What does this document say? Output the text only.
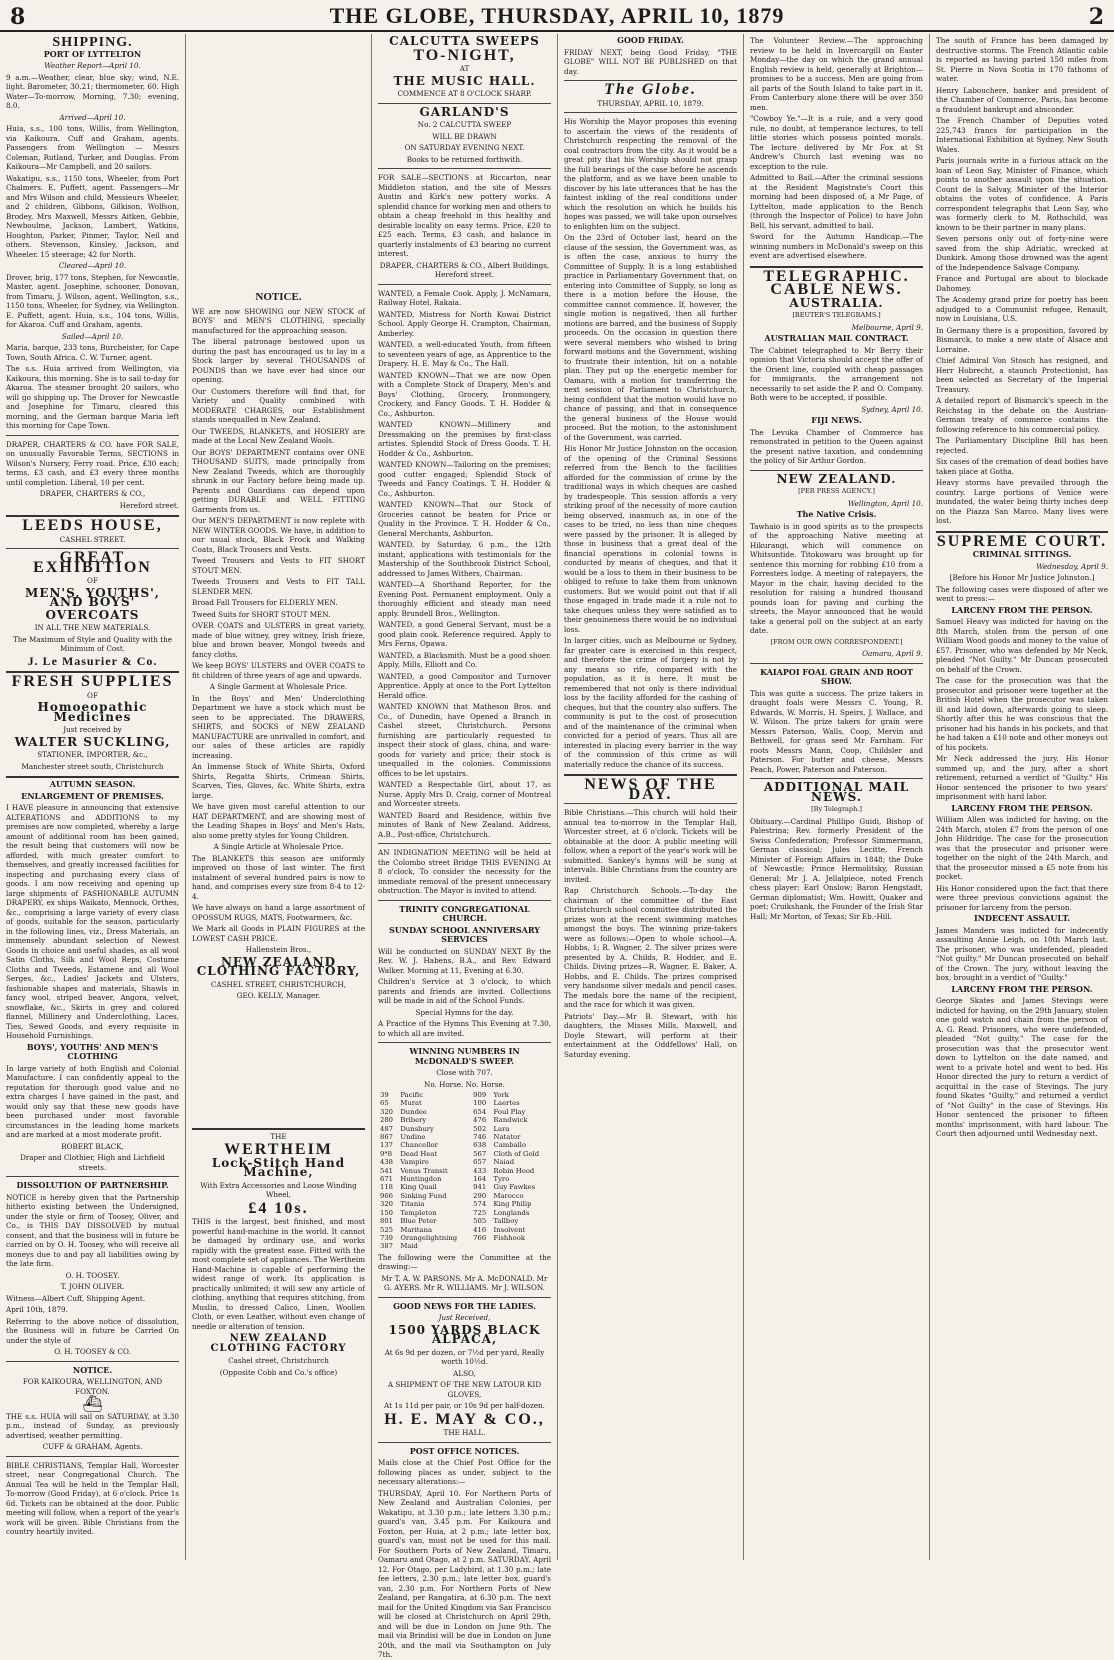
8	THE GLOBE, THURSDAY, APRIL 10, 1879	2
SHIPPING.
PORT OF LYTTELTON

Weather Report—April 10.

9 a.m.—Weather, clear, blue sky; wind, N.E. light. Barometer, 30.21; thermometer, 60. High Water—To-morrow, Morning, 7.30; evening, 8.0.

Arrived—April 10.

Huia, s.s., 100 tons, Willis, from Wellington, via Kaikoura. Cuff and Graham, agents. Passengers from Wellington — Messrs Coleman, Rutland, Turker, and Douglas. From Kaikoura—Mr Campbell, and 20 sailors.

Wakatipu, s.s., 1150 tons, Wheeler, from Port Chalmers. E. Puffett, agent. Passengers—Mr and Mrs Wilson and child, Messieurs Wheeler, and 2 children, Gibbons, Gilkison, Wolfson, Brodey, Mrs Maxwell, Messrs Aitken, Gebbie, Newboulme, Jackson, Lambert, Watkins, Houghton, Parker, Pinmer, Taylor, Neil and others. Stevenson, Kinsley, Jackson, and Wheeler. 15 steerage; 42 for North.

Cleared—April 10.

Drover, brig, 177 tons, Stephen, for Newcastle, Master, agent. Josephine, schooner, Donovan, from Timaru, J. Wilson, agent. Wellington, s.s., 1150 tons, Wheeler, for Sydney, via Wellington. E. Puffett, agent. Huia, s.s., 104 tons, Willis, for Akaroa. Cuff and Graham, agents.

Sailed—April 10.

Maria, barque, 233 tons, Burcheister, for Cape Town, South Africa. C. W. Turner, agent.

The s.s. Huia arrived from Wellington, via Kaikoura, this morning. She is to sail to-day for Akaroa. The steamer brought 20 sailors, who will go shipping up. The Drover for Newcastle and Josephine for Timaru, cleared this morning, and the German barque Maria left this morning for Cape Town.

DRAPER, CHARTERS & CO. have FOR SALE, on unusually Favorable Terms, SECTIONS in Wilson's Nursery, Ferry road. Price, £30 each; terms, £3 cash, and £3 every three months until completion. Liberal, 10 per cent.

DRAPER, CHARTERS & CO.,

Hereford street.

LEEDS HOUSE,

CASHEL STREET.

GREAT EXHIBITION

OF

MEN'S, YOUTHS', AND BOYS'
OVERCOATS

IN ALL THE NEW MATERIALS.

The Maximum of Style and Quality with the Minimum of Cost.

J. Le Masurier & Co.
FRESH SUPPLIES

OF

Homoeopathic Medicines

Just received by

WALTER SUCKLING,

STATIONER, IMPORTER, &c.,

Manchester street south, Christchurch

AUTUMN SEASON.
ENLARGEMENT OF PREMISES.

I HAVE pleasure in announcing that extensive ALTERATIONS and ADDITIONS to my premises are now completed, whereby a large amount of additional room has been gained, the result being that customers will now be afforded, with much greater comfort to themselves, and greatly increased facilities for inspecting and purchasing every class of goods. I am now receiving and opening up large shipments of FASHIONABLE AUTUMN DRAPERY, ex ships Waikato, Mennock, Orthes, &c., comprising a large variety of every class of goods, suitable for the season, particularly in the following lines, viz., Dress Materials, an immensely abundant selection of Newest Goods in choice and useful shades, as all wool Satin Cloths, Silk and Wool Reps, Costume Cloths and Tweeds, Estamene and all Wool Serges, &c., Ladies' Jackets and Ulsters, fashionable shapes and materials, Shawls in fancy wool, striped beaver, Angora, velvet, snowflake, &c., Skirts in grey and colored flannel, Millinery and Underclothing, Laces, Ties, Sewed Goods, and every requisite in Household Furnishings.

BOYS', YOUTHS' AND MEN'S CLOTHING

In large variety of both English and Colonial Manufacture. I can confidently appeal to the reputation for thorough good value and no extra charges I have gained in the past, and would only say that these new goods have been purchased under most favorable circumstances in the leading home markets and are marked at a most moderate profit.

ROBERT BLACK,

Draper and Clothier, High and Lichfield streets.

DISSOLUTION OF PARTNERSHIP.

NOTICE is hereby given that the Partnership hitherto existing between the Undersigned, under the style or firm of Toosey, Oliver, and Co., is THIS DAY DISSOLVED by mutual consent, and that the business will in future be carried on by O. H. Toosey, who will receive all moneys due to and pay all liabilities owing by the late firm.

O. H. TOOSEY.

T. JOHN OLIVER.

Witness—Albert Cuff, Shipping Agent.

April 10th, 1879.

Referring to the above notice of dissolution, the Business will in future be Carried On under the style of

O. H. TOOSEY & CO.

NOTICE.

FOR KAIKOURA, WELLINGTON, AND FOXTON.

⛴

THE s.s. HUIA will sail on SATURDAY, at 3.30 p.m., instead of Sunday, as previously advertised, weather permitting.

CUFF & GRAHAM, Agents.

BIBLE CHRISTIANS, Templar Hall, Worcester street, near Congregational Church. The Annual Tea will be held in the Templar Hall, To-morrow (Good Friday), at 6 o'clock. Price 1s 6d. Tickets can be obtained at the door. Public meeting will follow, when a report of the year's work will be given. Bible Christians from the country heartily invited.

NOTICE.

WE are now SHOWING our NEW STOCK of BOYS' and MEN'S CLOTHING, specially manufactured for the approaching season.

The liberal patronage bestowed upon us during the past has encouraged us to lay in a Stock larger by several THOUSANDS of POUNDS than we have ever had since our opening.

Our Customers therefore will find that, for Variety and Quality combined with MODERATE CHARGES, our Establishment stands unequalled in New Zealand.

Our TWEEDS, BLANKETS, and HOSIERY are made at the Local New Zealand Wools.

Our BOYS' DEPARTMENT contains over ONE THOUSAND SUITS, made principally from New Zealand Tweeds, which are thoroughly shrunk in our Factory before being made up. Parents and Guardians can depend upon getting DURABLE and WELL FITTING Garments from us.

Our MEN'S DEPARTMENT is now replete with NEW WINTER GOODS. We have, in addition to our usual stock, Black Frock and Walking Coats, Black Trousers and Vests.

Tweed Trousers and Vests to FIT SHORT STOUT MEN.

Tweeds Trousers and Vests to FIT TALL SLENDER MEN.

Broad Fall Trousers for ELDERLY MEN.

Tweed Suits for SHORT STOUT MEN.

OVER COATS and ULSTERS in great variety, made of blue witney, grey witney, Irish frieze, blue and brown beaver, Mongol tweeds and fancy cloths.

We keep BOYS' ULSTERS and OVER COATS to fit children of three years of age and upwards.

A Single Garment at Wholesale Price.

In the Boys' and Men' Underclothing Department we have a stock which must be seen to be appreciated. The DRAWERS, SHIRTS, and SOCKS of NEW ZEALAND MANUFACTURE are unrivalled in comfort, and our sales of these articles are rapidly increasing.

An Immense Stock of White Shirts, Oxford Shirts, Regatta Shirts, Crimean Shirts, Scarves, Ties, Gloves, &c. White Shirts, extra large.

We have given most careful attention to our HAT DEPARTMENT, and are showing most of the Leading Shapes in Boys' and Men's Hats, also some pretty styles for Young Children.

A Single Article at Wholesale Price.

The BLANKETS this season are uniformly improved on those of last winter. The first instalment of several hundred pairs is now to hand, and comprises every size from 8-4 to 12-4.

We have always on hand a large assortment of OPOSSUM RUGS, MATS, Footwarmers, &c.

We Mark all Goods in PLAIN FIGURES at the LOWEST CASH PRICE.

Hallenstein Bros.,

NEW ZEALAND CLOTHING FACTORY,

CASHEL STREET, CHRISTCHURCH,

GEO. KELLY, Manager.

THE

WERTHEIM
Lock-Stitch Hand Machine,

With Extra Accessories and Loose Winding Wheel,

£4 10s.

THIS is the largest, best finished, and most powerful hand-machine in the world. It cannot be damaged by ordinary use, and works rapidly with the greatest ease. Fitted with the most complete set of appliances. The Wertheim Hand-Machine is capable of performing the widest range of work. Its application is practically unlimited; it will sew any article of clothing, anything that requires stitching, from Muslin, to dressed Calico, Linen, Woollen Cloth, or even Leather, without even change of needle or alteration of tension.

NEW ZEALAND CLOTHING FACTORY

Cashel street, Christchurch

(Opposite Cobb and Co.'s office)

CALCUTTA SWEEPS
TO-NIGHT,

AT

THE MUSIC HALL.

COMMENCE AT 8 O'CLOCK SHARP.

GARLAND'S

No. 2 CALCUTTA SWEEP

WILL BE DRAWN

ON SATURDAY EVENING NEXT.

Books to be returned forthwith.

FOR SALE—SECTIONS at Riccarton, near Middleton station, and the site of Messrs Austin and Kirk's new pottery works. A splendid chance for working men and others to obtain a cheap freehold in this healthy and desirable locality on easy terms. Price, £20 to £25 each. Terms, £3 cash, and balance in quarterly instalments of £3 bearing no current interest.

DRAPER, CHARTERS & CO., Albert Buildings, Hereford street.

WANTED, a Female Cook. Apply, J. McNamara, Railway Hotel, Rakaia.

WANTED, Mistress for North Kowai District School. Apply George H. Crampton, Chairman, Amberley.

WANTED, a well-educated Youth, from fifteen to seventeen years of age, as Apprentice to the Drapery. H. E. May & Co., The Hall.

WANTED KNOWN—That we are now Open with a Complete Stock of Drapery, Men's and Boys' Clothing, Grocery, Ironmongery, Crockery, and Fancy Goods. T. H. Hodder & Co., Ashburton.

WANTED KNOWN—Millinery and Dressmaking on the premises by first-class artistes. Splendid Stock of Dress Goods. T. H. Hodder & Co., Ashburton.

WANTED KNOWN—Tailoring on the premises; good cutter engaged; Splendid Stock of Tweeds and Fancy Coatings. T. H. Hodder & Co., Ashburton.

WANTED KNOWN—That our Stock of Groceries cannot be beaten for Price or Quality in the Province. T. H. Hodder & Co., General Merchants, Ashburton.

WANTED, by Saturday, 6 p.m., the 12th instant, applications with testimonials for the Mastership of the Southbrook District School, addressed to James Withers, Chairman.

WANTED—A Shorthand Reporter, for the Evening Post. Permanent employment. Only a thoroughly efficient and steady man need apply. Brundell Bros., Wellington.

WANTED, a good General Servant, must be a good plain cook. Reference required. Apply to Mrs Ferns, Opawa.

WANTED, a Blacksmith. Must be a good shoer. Apply, Mills, Elliott and Co.

WANTED, a good Compositor and Turnover Apprentice. Apply at once to the Port Lyttelton Herald office.

WANTED KNOWN that Matheson Bros. and Co., of Dunedin, have Opened a Branch in Cashel street, Christchurch. Persons furnishing are particularly requested to inspect their stock of glass, china, and ware-goods for variety and price; their stock is unequalled in the colonies. Commissions offices to be let upstairs.

WANTED a Respectable Girl, about 17, as Nurse. Apply Mrs D. Craig, corner of Montreal and Worcester streets.

WANTED Board and Residence, within five minutes of Bank of New Zealand. Address, A.B., Post-office, Christchurch.

AN INDIGNATION MEETING will be held at the Colombo street Bridge THIS EVENING At 8 o'clock, To consider the necessity for the immediate removal of the present unnecessary obstruction. The Mayor is invited to attend.

TRINITY CONGREGATIONAL CHURCH.
SUNDAY SCHOOL ANNIVERSARY SERVICES

Will be conducted on SUNDAY NEXT By the Rev. W. J. Habens, B.A., and Rev. Edward Walker. Morning at 11, Evening at 6.30.

Children's Service at 3 o'clock, to which parents and friends are invited. Collections will be made in aid of the School Funds.

Special Hymns for the day.

A Practice of the Hymns This Evening at 7.30, to which all are invited.

WINNING NUMBERS IN McDONALD'S SWEEP.

Close with 707.

No. Horse. No. Horse.

39	Pacific	909	York
65	Murat	100	Laertes
320	Dundee	654	Foul Play
280	Bribery	476	Randwick
487	Dunsbury	502	Lara
867	Undine	746	Natator
137	Chancellor	638	Camballo
9*8	Dead Heat	567	Cloth of Gold
438	Vampire	657	Naiad
541	Venus Transit	433	Robin Hood
671	Huntingdon	164	Tyro
118	King Quail	941	Guy Fawkes
966	Sinking Fund	290	Marocco
320	Titania	574	King Philip
150	Templeton	725	Longlands
801	Blue Peter	505	Tallboy
525	Maritana	416	Insolvent
739	Orangelightning	766	Fishhook
387	Maid		

The following were the Committee at the drawing:—

Mr T. A. W. PARSONS. Mr A. McDONALD. Mr G. AYERS. Mr R. WILLIAMS. Mr J. WILSON.

GOOD NEWS FOR THE LADIES.

Just Received,

1500 YARDS BLACK ALPACA,

At 6s 9d per dozen, or 7½d per yard, Really worth 10½d.

ALSO,

A SHIPMENT OF THE NEW LATOUR KID GLOVES,

At 1s 11d per pair, or 10s 9d per half-dozen.

H. E. MAY & CO.,

THE HALL.

POST OFFICE NOTICES.

Mails close at the Chief Post Office for the following places as under, subject to the necessary alterations:—

THURSDAY, April 10. For Northern Ports of New Zealand and Australian Colonies, per Wakatipu, at 3.30 p.m.; late letters 3.30 p.m.; guard's van, 3.45 p.m. For Kaikoura and Foxton, per Huia, at 2 p.m.; late letter box, guard's van, must not be used for this mail. For Southern Ports of New Zealand, Timaru, Oamaru and Otago, at 2 p.m. SATURDAY, April 12. For Otago, per Ladybird, at 1.30 p.m.; late fee letters, 2.30 p.m.; late letter box, guard's van, 2.30 p.m. For Northern Ports of New Zealand, per Rangatira, at 6.30 p.m. The next mail for the United Kingdom via San Francisco will be closed at Christchurch on April 29th, and will be due in London on June 9th. The mail via Brindisi will be due in London on June 20th, and the mail via Southampton on July 7th.

GOOD FRIDAY.

FRIDAY NEXT, being Good Friday, "THE GLOBE" WILL NOT BE PUBLISHED on that day.

The Globe.

THURSDAY, APRIL 10, 1879.

His Worship the Mayor proposes this evening to ascertain the views of the residents of Christchurch respecting the removal of the coal contractors from the city. As it would be a great pity that his Worship should not grasp the full bearings of the case before he ascends the platform, and as we have been unable to discover by his late utterances that he has the faintest inkling of the real conditions under which the resolution on which he builds his hopes was passed, we will take upon ourselves to enlighten him on the subject.

On the 23rd of October last, heard on the clause of the session, the Government was, as is often the case, anxious to hurry the Committee of Supply. It is a long established practice in Parliamentary Government that, on entering into Committee of Supply, so long as there is a motion before the House, the committee cannot commence. If, however, the single motion is negatived, then all further motions are barred, and the business of Supply proceeds. On the occasion in question there were several members who wished to bring forward motions and the Government, wishing to frustrate their intention, hit on a notable plan. They put up the energetic member for Oamaru, with a motion for transferring the next session of Parliament to Christchurch, being confident that the motion would have no chance of passing, and that in consequence the general business of the House would proceed. But the motion, to the astonishment of the Government, was carried.

His Honor Mr Justice Johnston on the occasion of the opening of the Criminal Sessions referred from the Bench to the facilities afforded for the commission of crime by the traditional ways in which cheques are cashed by tradespeople. This session affords a very striking proof of the necessity of more caution being observed, inasmuch as, in one of the cases to be tried, no less than nine cheques were passed by the prisoner. It is alleged by those in business that a great deal of the financial operations in colonial towns is conducted by means of cheques, and that it would be a loss to them in their business to be obliged to refuse to take them from unknown customers. But we would point out that if all those engaged in trade made it a rule not to take cheques unless they were satisfied as to their genuineness there would be no individual loss.

In larger cities, such as Melbourne or Sydney, far greater care is exercised in this respect, and therefore the crime of forgery is not by any means so rife, compared with the population, as it is here. It must be remembered that not only is there individual loss by the facility afforded for the cashing of cheques, but that the country also suffers. The community is put to the cost of prosecution and of the maintenance of the criminal when convicted for a period of years. Thus all are interested in placing every barrier in the way of the commission of this crime as will materially reduce the chance of its success.

NEWS OF THE DAY.

Bible Christians.—This church will hold their annual tea to-morrow in the Templar Hall, Worcester street, at 6 o'clock. Tickets will be obtainable at the door. A public meeting will follow, when a report of the year's work will be submitted. Sankey's hymns will be sung at intervals. Bible Christians from the country are invited.

Rap Christchurch Schools.—To-day the chairman of the committee of the East Christchurch school committee distributed the prizes won at the recent swimming matches amongst the boys. The winning prize-takers were as follows:—Open to whole school—A. Hobbs, 1; R. Wagner, 2. The silver prizes were presented by A. Childs, R. Hodder, and E. Childs. Diving prizes—R. Wagner, E. Baker, A. Hobbs, and E. Childs. The prizes comprised very handsome silver medals and pencil cases. The medals bore the name of the recipient, and the race for which it was given.

Patriots' Day.—Mr B. Stewart, with his daughters, the Misses Mills, Maxwell, and Doyle Stewart, will perform at their entertainment at the Oddfellows' Hall, on Saturday evening.

The Volunteer Review.—The approaching review to be held in Invercargill on Easter Monday—the day on which the grand annual English review is held, generally at Brighton—promises to be a success. Men are going from all parts of the South Island to take part in it. From Canterbury alone there will be over 350 men.

"Cowboy Ye."—It is a rule, and a very good rule, no doubt, at temperance lectures, to tell little stories which possess pointed morals. The lecture delivered by Mr Fox at St Andrew's Church last evening was no exception to the rule.

Admitted to Bail.—After the criminal sessions at the Resident Magistrate's Court this morning had been disposed of, a Mr Page, of Lyttelton, made application to the Bench (through the Inspector of Police) to have John Bell, his servant, admitted to bail.

Sword for the Autumn Handicap.—The winning numbers in McDonald's sweep on this event are advertised elsewhere.

TELEGRAPHIC.
CABLE NEWS.
AUSTRALIA.

[REUTER'S TELEGRAMS.]

Melbourne, April 9.

AUSTRALIAN MAIL CONTRACT.

The Cabinet telegraphed to Mr Berry their opinion that Victoria should accept the offer of the Orient line, coupled with cheap passages for immigrants, the arrangement not necessarily to set aside the P. and O. Company. Both were to be accepted, if possible.

Sydney, April 10.

FIJI NEWS.

The Levuka Chamber of Commerce has remonstrated in petition to the Queen against the present native taxation, and condemning the policy of Sir Arthur Gordon.

NEW ZEALAND.

[PER PRESS AGENCY.]

Wellington, April 10.

The Native Crisis.

Tawhaio is in good spirits as to the prospects of the approaching Native meeting at Hikurangi, which will commence on Whitsuntide. Titokowaru was brought up for sentence this morning for robbing £10 from a Forresters lodge. A meeting of ratepayers, the Mayor in the chair, having decided to the resolution for raising a hundred thousand pounds loan for paving and curbing the streets, the Mayor announced that he would take a general poll on the subject at an early date.

[FROM OUR OWN CORRESPONDENT.]

Oamaru, April 9.

KAIAPOI FOAL GRAIN AND ROOT SHOW.

This was quite a success. The prize takers in draught foals were Messrs C. Young, R. Edwards, W. Morris, H. Speirs, J. Wallace, and W. Wilson. The prize takers for grain were Messrs Paterson, Walls, Coop, Mervin and Bethwell, for grass seed Mr Farnham. For roots Messrs Mann, Coop, Childsler and Paterson. For butter and cheese, Messrs Peach, Power, Paterson and Paterson.

ADDITIONAL MAIL NEWS.

[By Telegraph.]

Obituary.—Cardinal Phillipo Guidi, Bishop of Palestrina; Rev. formerly President of the Swiss Confederation; Professor Simmermann, German classical; Jules Lecitte, French Minister of Foreign Affairs in 1848; the Duke of Newcastle; Prince Hermolitsky, Russian General; Mr J. A. Jellalpiece, noted French chess player; Earl Onslow; Baron Hengstadt, German diplomatist; Wm. Howitt, Quaker and poet; Cruikshank, the Founder of the Irish Star Hall; Mr Morton, of Texas; Sir Eb.-Hill.

The south of France has been damaged by destructive storms. The French Atlantic cable is reported as having parted 150 miles from St. Pierre in Nova Scotia in 170 fathoms of water.

Henry Labouchere, banker and president of the Chamber of Commerce, Paris, has become a fraudulent bankrupt and absconder.

The French Chamber of Deputies voted 225,743 francs for participation in the International Exhibition at Sydney, New South Wales.

Paris journals write in a furious attack on the loan of Leon Say, Minister of Finance, which points to another assault upon the situation. Count de la Salvay, Minister of the Interior obtains the votes of confidence. A Paris correspondent telegraphs that Leon Say, who was formerly clerk to M. Rothschild, was known to be their partner in many plans.

Seven persons only out of forty-nine were saved from the ship Adriatic, wrecked at Dunkirk. Among those drowned was the agent of the Independence Salvage Company.

France and Portugal are about to blockade Dahomey.

The Academy grand prize for poetry has been adjudged to a Communist refugee, Renault, now in Louisiana, U.S.

In Germany there is a proposition, favored by Bismarck, to make a new state of Alsace and Lorraine.

Chief Admiral Von Stosch has resigned, and Herr Hobrecht, a staunch Protectionist, has been selected as Secretary of the Imperial Treasury.

A detailed report of Bismarck's speech in the Reichstag in the debate on the Austrian-German treaty of commerce contains the following reference to his commercial policy.

The Parliamentary Discipline Bill has been rejected.

Six cases of the cremation of dead bodies have taken place at Gotha.

Heavy storms have prevailed through the country. Large portions of Venice were inundated, the water being thirty inches deep on the Piazza San Marco. Many lives were lost.

SUPREME COURT.
CRIMINAL SITTINGS.

Wednesday, April 9.

[Before his Honor Mr Justice Johnston.]

The following cases were disposed of after we went to press:—

LARCENY FROM THE PERSON.

Samuel Heavy was indicted for having on the 8th March, stolen from the person of one William Wood goods and money to the value of £57. Prisoner, who was defended by Mr Neck, pleaded "Not Guilty." Mr Duncan prosecuted on behalf of the Crown.

The case for the prosecution was that the prosecutor and prisoner were together at the British Hotel when the prosecutor was taken ill and laid down, afterwards going to sleep. Shortly after this he was conscious that the prisoner had his hands in his pockets, and that he had taken a £10 note and other moneys out of his pockets.

Mr Neck addressed the jury. His Honor summed up, and the jury, after a short retirement, returned a verdict of "Guilty." His Honor sentenced the prisoner to two years' imprisonment with hard labor.

LARCENY FROM THE PERSON.

William Allen was indicted for having, on the 24th March, stolen £7 from the person of one John Hildridge. The case for the prosecution was that the prosecutor and prisoner were together on the night of the 24th March, and that the prosecutor missed a £5 note from his pocket.

His Honor considered upon the fact that there were three previous convictions against the prisoner for larceny from the person.

INDECENT ASSAULT.

James Manders was indicted for indecently assaulting Annie Leigh, on 10th March last. The prisoner, who was undefended, pleaded "Not guilty." Mr Duncan prosecuted on behalf of the Crown. The jury, without leaving the box, brought in a verdict of "Guilty."

LARCENY FROM THE PERSON.

George Skates and James Stevings were indicted for having, on the 29th January, stolen one gold watch and chain from the person of A. G. Read. Prisoners, who were undefended, pleaded "Not guilty." The case for the prosecution was that the prosecutor went down to Lyttelton on the date named, and went to a private hotel and went to bed. His Honor directed the jury to return a verdict of acquittal in the case of Stevings. The jury found Skates "Guilty," and returned a verdict of "Not Guilty" in the case of Stevings. His Honor sentenced the prisoner to fifteen months' imprisonment, with hard labour. The Court then adjourned until Wednesday next.
